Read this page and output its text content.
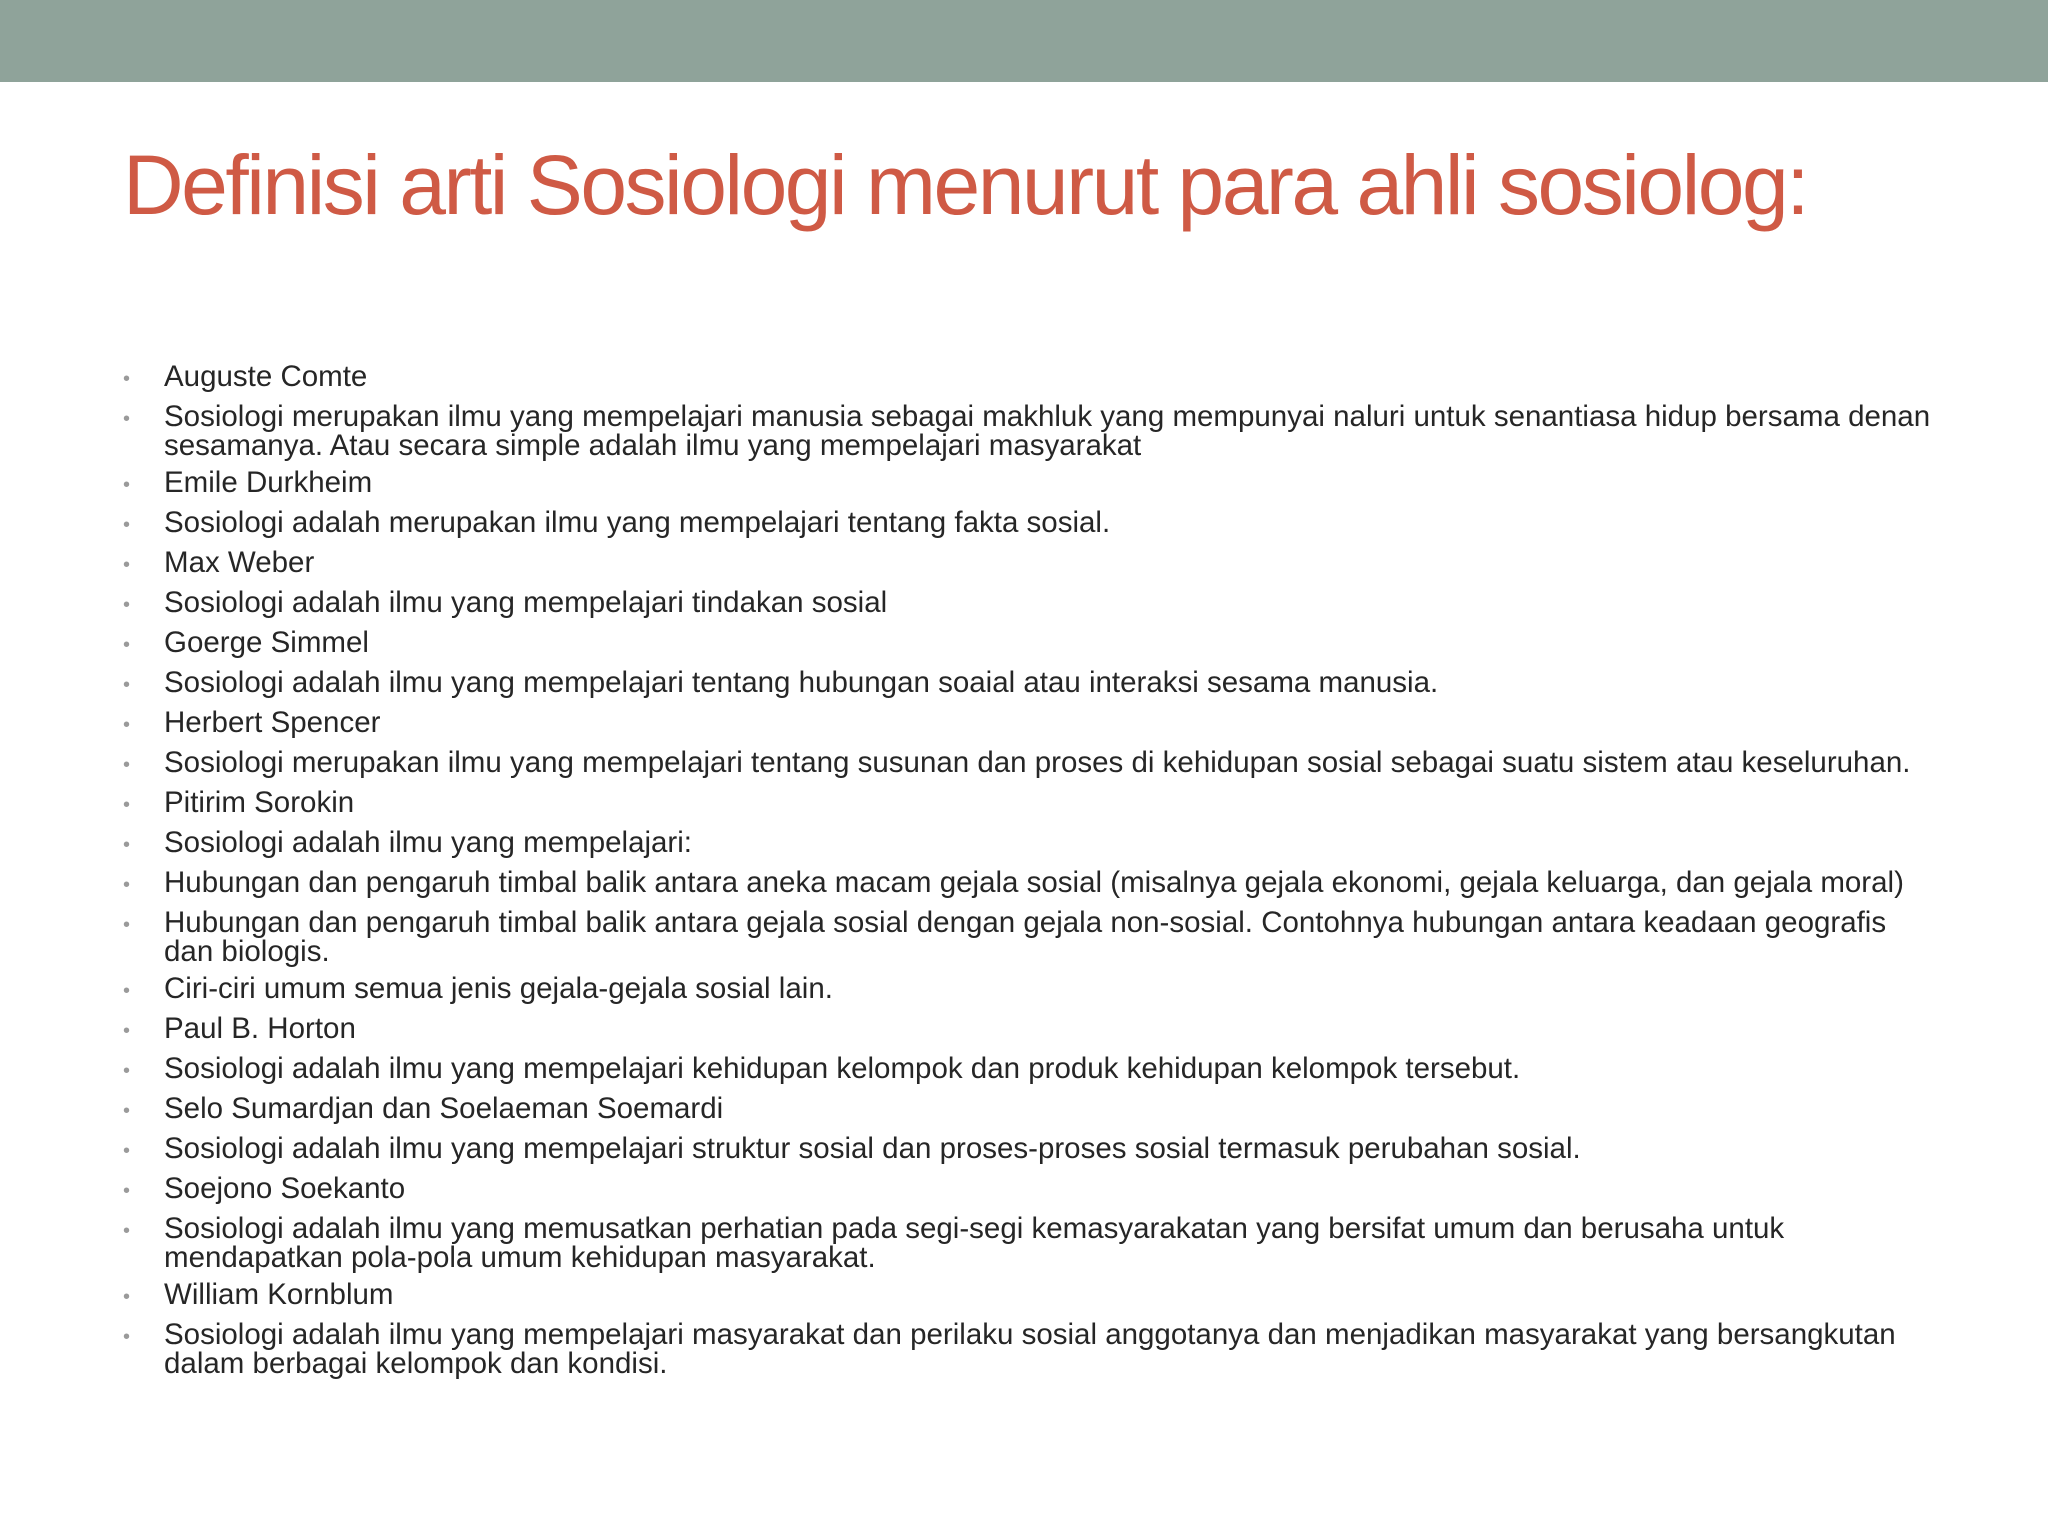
Definisi arti Sosiologi menurut para ahli sosiolog:
•	Auguste Comte
•	Sosiologi merupakan ilmu yang mempelajari manusia sebagai makhluk yang mempunyai naluri untuk senantiasa hidup bersama denan sesamanya. Atau secara simple adalah ilmu yang mempelajari masyarakat
•	Emile Durkheim
•	Sosiologi adalah merupakan ilmu yang mempelajari tentang fakta sosial.
•	Max Weber
•	Sosiologi adalah ilmu yang mempelajari tindakan sosial
•	Goerge Simmel
•	Sosiologi adalah ilmu yang mempelajari tentang hubungan soaial atau interaksi sesama manusia.
•	Herbert Spencer
•	Sosiologi merupakan ilmu yang mempelajari tentang susunan dan proses di kehidupan sosial sebagai suatu sistem atau keseluruhan.
•	Pitirim Sorokin
•	Sosiologi adalah ilmu yang mempelajari:
•	Hubungan dan pengaruh timbal balik antara aneka macam gejala sosial (misalnya gejala ekonomi, gejala keluarga, dan gejala moral)
•	Hubungan dan pengaruh timbal balik antara gejala sosial dengan gejala non-sosial. Contohnya hubungan antara keadaan geografis dan biologis.
•	Ciri-ciri umum semua jenis gejala-gejala sosial lain.
•	Paul B. Horton
•	Sosiologi adalah ilmu yang mempelajari kehidupan kelompok dan produk kehidupan kelompok tersebut.
•	Selo Sumardjan dan Soelaeman Soemardi
•	Sosiologi adalah ilmu yang mempelajari struktur sosial dan proses-proses sosial termasuk perubahan sosial.
•	Soejono Soekanto
•	Sosiologi adalah ilmu yang memusatkan perhatian pada segi-segi kemasyarakatan yang bersifat umum dan berusaha untuk mendapatkan pola-pola umum kehidupan masyarakat.
•	William Kornblum
•	Sosiologi adalah ilmu yang mempelajari masyarakat dan perilaku sosial anggotanya dan menjadikan masyarakat yang bersangkutan dalam berbagai kelompok dan kondisi.
